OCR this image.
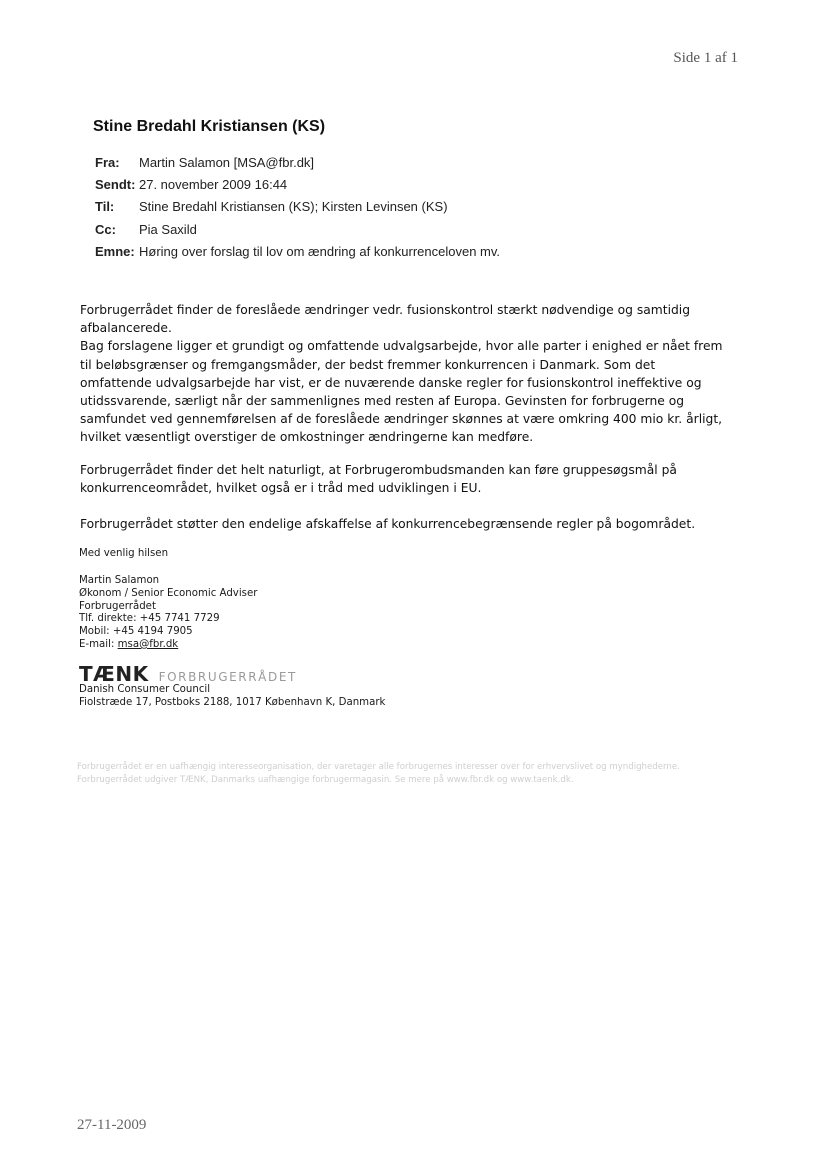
Side 1 af 1
Stine Bredahl Kristiansen (KS)
Fra:	Martin Salamon [MSA@fbr.dk]
Sendt: 27. november 2009 16:44
Til:	Stine Bredahl Kristiansen (KS); Kirsten Levinsen (KS)
Cc:	Pia Saxild
Emne: Høring over forslag til lov om ændring af konkurrenceloven mv.

Forbrugerrådet finder de foreslåede ændringer vedr. fusionskontrol stærkt nødvendige og samtidig afbalancerede.

Bag forslagene ligger et grundigt og omfattende udvalgsarbejde, hvor alle parter i enighed er nået frem til beløbsgrænser og fremgangsmåder, der bedst fremmer konkurrencen i Danmark. Som det omfattende udvalgsarbejde har vist, er de nuværende danske regler for fusionskontrol ineffektive og utidssvarende, særligt når der sammenlignes med resten af Europa. Gevinsten for forbrugerne og samfundet ved gennemførelsen af de foreslåede ændringer skønnes at være omkring 400 mio kr. årligt, hvilket væsentligt overstiger de omkostninger ændringerne kan medføre.

Forbrugerrådet finder det helt naturligt, at Forbrugerombudsmanden kan føre gruppesøgsmål på konkurrenceområdet, hvilket også er i tråd med udviklingen i EU.

Forbrugerrådet støtter den endelige afskaffelse af konkurrencebegrænsende regler på bogområdet.

Med venlig hilsen
Martin Salamon
Økonom / Senior Economic Adviser
Forbrugerrådet
Tlf. direkte: +45 7741 7729
Mobil: +45 4194 7905
E-mail: msa@fbr.dk
TÆNK FORBRUGERRÅDET
Danish Consumer Council
Fiolstræde 17, Postboks 2188, 1017 København K, Danmark
Forbrugerrådet er en uafhængig interesseorganisation, der varetager alle forbrugernes interesser over for erhvervslivet og myndighederne. Forbrugerrådet udgiver TÆNK, Danmarks uafhængige forbrugermagasin. Se mere på www.fbr.dk og www.taenk.dk.
27-11-2009
